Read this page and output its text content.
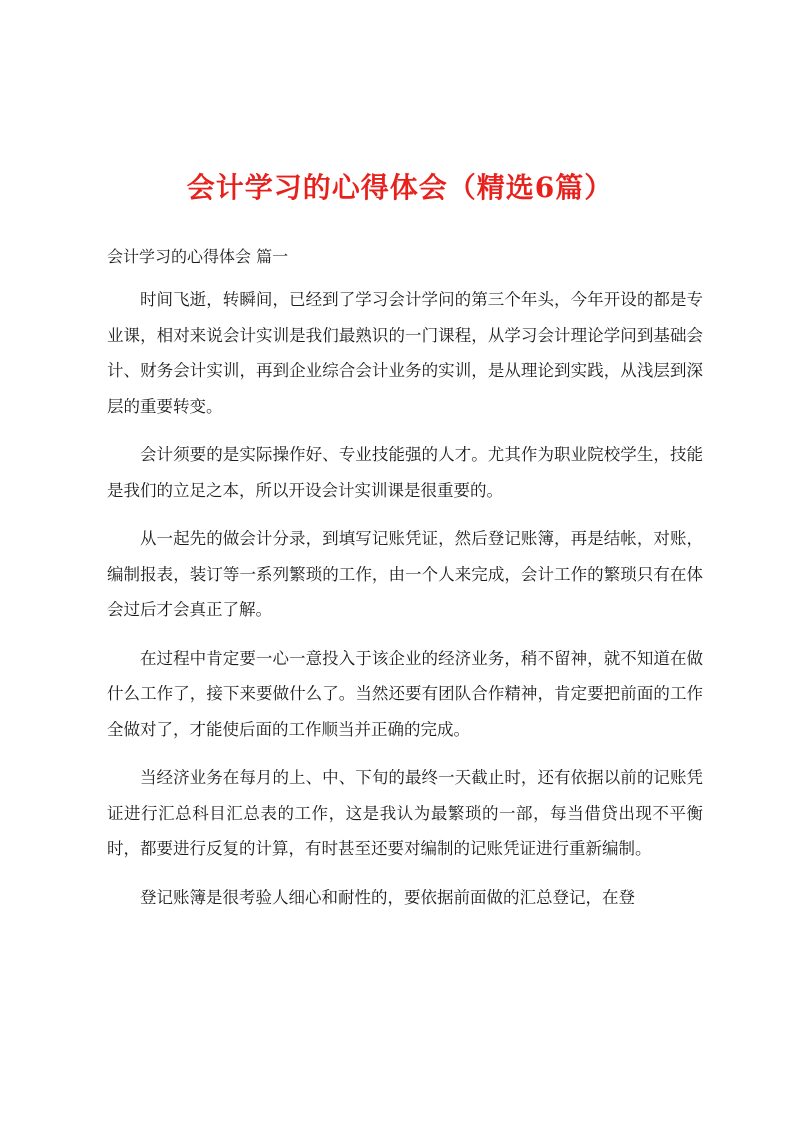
会计学习的心得体会（精选6篇）
会计学习的心得体会 篇一

时间飞逝，转瞬间，已经到了学习会计学问的第三个年头，今年开设的都是专业课，相对来说会计实训是我们最熟识的一门课程，从学习会计理论学问到基础会计、财务会计实训，再到企业综合会计业务的实训，是从理论到实践，从浅层到深层的重要转变。

会计须要的是实际操作好、专业技能强的人才。尤其作为职业院校学生，技能是我们的立足之本，所以开设会计实训课是很重要的。

从一起先的做会计分录，到填写记账凭证，然后登记账簿，再是结帐，对账，编制报表，装订等一系列繁琐的工作，由一个人来完成，会计工作的繁琐只有在体会过后才会真正了解。

在过程中肯定要一心一意投入于该企业的经济业务，稍不留神，就不知道在做什么工作了，接下来要做什么了。当然还要有团队合作精神，肯定要把前面的工作全做对了，才能使后面的工作顺当并正确的完成。

当经济业务在每月的上、中、下旬的最终一天截止时，还有依据以前的记账凭证进行汇总科目汇总表的工作，这是我认为最繁琐的一部，每当借贷出现不平衡时，都要进行反复的计算，有时甚至还要对编制的记账凭证进行重新编制。

登记账簿是很考验人细心和耐性的，要依据前面做的汇总登记，在登
